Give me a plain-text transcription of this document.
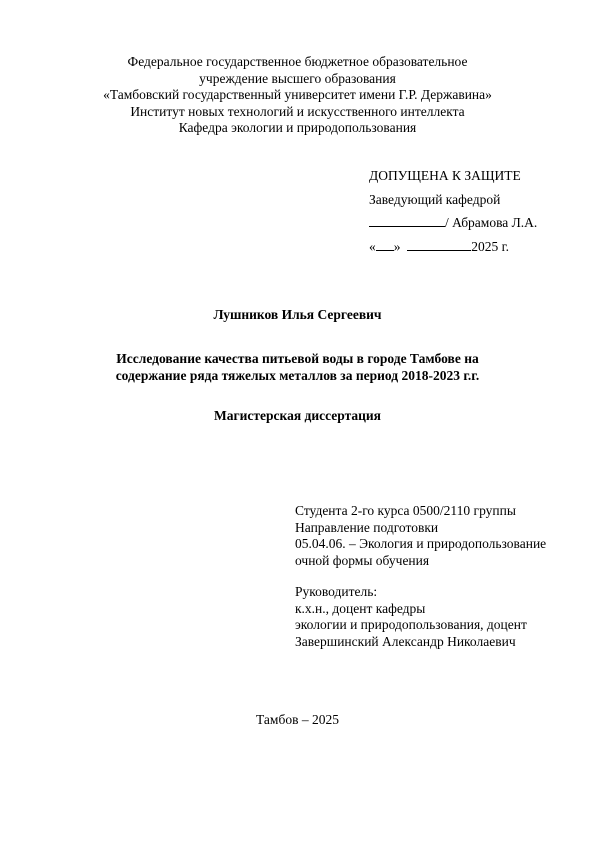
Федеральное государственное бюджетное образовательное
учреждение высшего образования
«Тамбовский государственный университет имени Г.Р. Державина»
Институт новых технологий и искусственного интеллекта
Кафедра экологии и природопользования
ДОПУЩЕНА К ЗАЩИТЕ
Заведующий кафедрой
/ Абрамова Л.А.
« »	2025 г.
Лушников Илья Сергеевич
Исследование качества питьевой воды в городе Тамбове на
содержание ряда тяжелых металлов за период 2018-2023 г.г.
Магистерская диссертация
Студента 2-го курса 0500/2110 группы
Направление подготовки
05.04.06. – Экология и природопользование
очной формы обучения
Руководитель:
к.х.н., доцент кафедры
экологии и природопользования, доцент
Завершинский Александр Николаевич
Тамбов – 2025
